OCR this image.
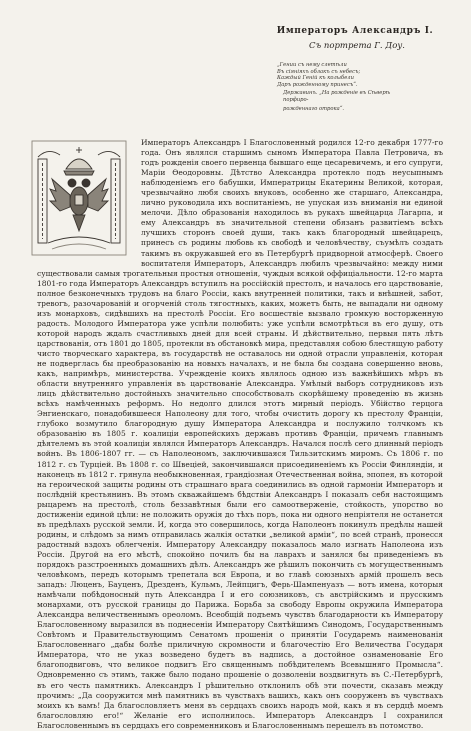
Императоръ Александръ I.
Съ портрета Г. Доу.
„Гении съ нему слетѣли
Въ сіяніяхъ облакъ съ небесъ;
Каждый Геній къ колыбели
Даръ рожденному принесъ“.
Державинъ. „На рожденіе въ Сѣверѣ порфиро-
рожденнаго отрока“.

Императоръ Александръ I Благословенный родился 12-го декабря 1777-го года. Онъ являлся старшимъ сыномъ Императора Павла Петровича, въ годъ рожденія своего первенца бывшаго еще цесаревичемъ, и его супруги, Маріи Ѳеодоровны. Дѣтство Александра протекло подъ неусыпнымъ наблюденіемъ его бабушки, Императрицы Екатерины Великой, которая, чрезвычайно любя своихъ внуковъ, особенно же старшаго, Александра, лично руководила ихъ воспитаніемъ, не упуская изъ вниманія ни единой мелочи. Дѣло образованія находилось въ рукахъ швейцарца Лагарпа, и ему Александръ въ значительной степени обязанъ развитіемъ всѣхъ лучшихъ сторонъ своей души, такъ какъ благородный швейцарецъ, принесъ съ родины любовь къ свободѣ и человѣчеству, съумѣлъ создать такимъ въ окружавшей его въ Петербургѣ придворной атмосферѣ. Своего воспитателя Императоръ, Александръ любилъ чрезвычайно: между ними существовали самыя трогательныя простыя отношенія, чуждыя всякой оффиціальности. 12-го марта 1801-го года Императоръ Александръ вступилъ на россійскій престолъ, и началось его царствованіе, полное безконечныхъ трудовъ на благо Россіи, какъ внутренней политики, такъ и внѣшней, забот, тревогъ, разочарованій и огорченій столь тягостныхъ, каких, можетъ быть, не выпадали ни одному изъ монарховъ, сидѣвшихъ на престолѣ Россіи. Его восшествіе вызвало громкую восторженную радость. Молодого Императора уже успѣли полюбить: уже успѣли всмотрѣться въ его душу, отъ которой народъ ждалъ счастливыхъ дней для всей страны. И дѣйствительно, первыя пять лѣтъ царствованія, отъ 1801 до 1805, протекли въ обстановкѣ мира, представляя собою блестящую работу чисто творческаго характера, въ государствѣ не оставалось ни одной отрасли управленія, которая не подверглась бы преобразованію на новыхъ началахъ, и не была бы создана совершенно вновь, какъ, напримѣръ, министерства. Учрежденіе коихъ являлось одною изъ важнѣйшихъ мѣръ въ области внутренняго управленія въ царствованіе Александра. Умѣлый выборъ сотрудниковъ изъ лицъ дѣйствительно достойныхъ значительно способствовалъ скорѣйшему проведенію въ жизнь всѣхъ намѣченныхъ реформъ. Но недолго длился этотъ мирный періодъ. Убійство герцога Энгиенскаго, понадобившееся Наполеону для того, чтобы очистить дорогу къ престолу Франціи, глубоко возмутило благородную душу Императора Александра и послужило толчкомъ къ образованію въ 1805 г. коалиціи европейскихъ державъ противъ Франціи, причемъ главнымъ дѣятелемъ въ этой коалиціи являлся Императоръ Александръ. Начался послѣ сего длинный періодъ войнъ. Въ 1806-1807 гг. — съ Наполеономъ, заключившаяся Тильзитскимъ миромъ. Съ 1806 г. по 1812 г. съ Турціей. Въ 1808 г. со Швеціей, закончившаяся присоединеніемъ къ Россіи Финляндіи, и наконецъ въ 1812 г. грянула необыкновенная, грандіозная Отечественная война, эпопея, въ которой на героической защиты родины отъ страшнаго врага соединились въ одной гармоніи Императоръ и послѣдній крестьянинъ. Въ этомъ скважайшемъ бѣдствіи Александръ I показалъ себя настоящимъ рыцаремъ на престолѣ, столь беззавѣтныя были его самоотверженіе, стойкость, упорство во достиженіи единой цѣли: не положить оружія до тѣхъ поръ, пока ни одного непріятеля не останется въ предѣлахъ русской земли. И, когда это совершилось, когда Наполеонъ покинулъ предѣлы нашей родины, и слѣдомъ за нимъ отправилась жалкія остатки „великой арміи“, по всей странѣ, пронесся радостный вздохъ облегченія. Императору Александру показалось мало изгнать Наполеона изъ Россіи. Другой на его мѣстѣ, спокойно почилъ бы на лаврахъ и занялся бы приведеніемъ въ порядокъ разстроенныхъ домашнихъ дѣлъ. Александръ же рѣшилъ покончить съ могущественнымъ человѣкомъ, передъ которымъ трепетала вся Европа, и во главѣ союзныхъ армій прошелъ весь западъ: Люценъ, Бауценъ, Дрезденъ, Кульмъ, Лейпцигъ, Ферь-Шампенуазъ — вотъ имена, которыя намѣчали побѣдоносный путь Александра I и его союзниковъ, съ австрійскимъ и прусскимъ монархами, отъ русской границы до Парижа. Борьба за свободу Европы окружила Императора Александра величественнымъ ореоломъ. Всеобщій подъемъ чувствъ благодарности къ Императору Благословенному выразился въ поднесеніи Императору Святѣйшимъ Синодомъ, Государственнымъ Совѣтомъ и Правительствующимъ Сенатомъ прошенія о принятіи Государемъ наименованія Благословеннаго „дабы болѣе приличную скромности и благочестію Его Величества Государя Императора, что не указ возведено будетъ въ надпись, а достойное ознаменованіе Его благоподвиговъ, что великое подвигъ Его священнымъ побѣдителемъ Всевышняго Промысла“. Одновременно съ этимъ, также было подано прошеніе о дозволеніи воздвигнуть въ С.-Петербургѣ, въ его честь памятникъ. Александръ I рѣшительно отклонилъ обѣ эти почести, сказавъ между прочимъ: „Да сооружится мнѣ памятникъ въ чувствахъ вашихъ, какъ онъ сооруженъ въ чувствахъ моихъ къ вамъ! Да благословляетъ меня въ сердцахъ своихъ народъ мой, какъ я въ сердцѣ моемъ благословляю его!“ Желаніе его исполнилось. Императоръ Александръ I сохранился Благословеннымъ въ сердцахъ его современниковъ и Благословеннымъ перешелъ въ потомство.
